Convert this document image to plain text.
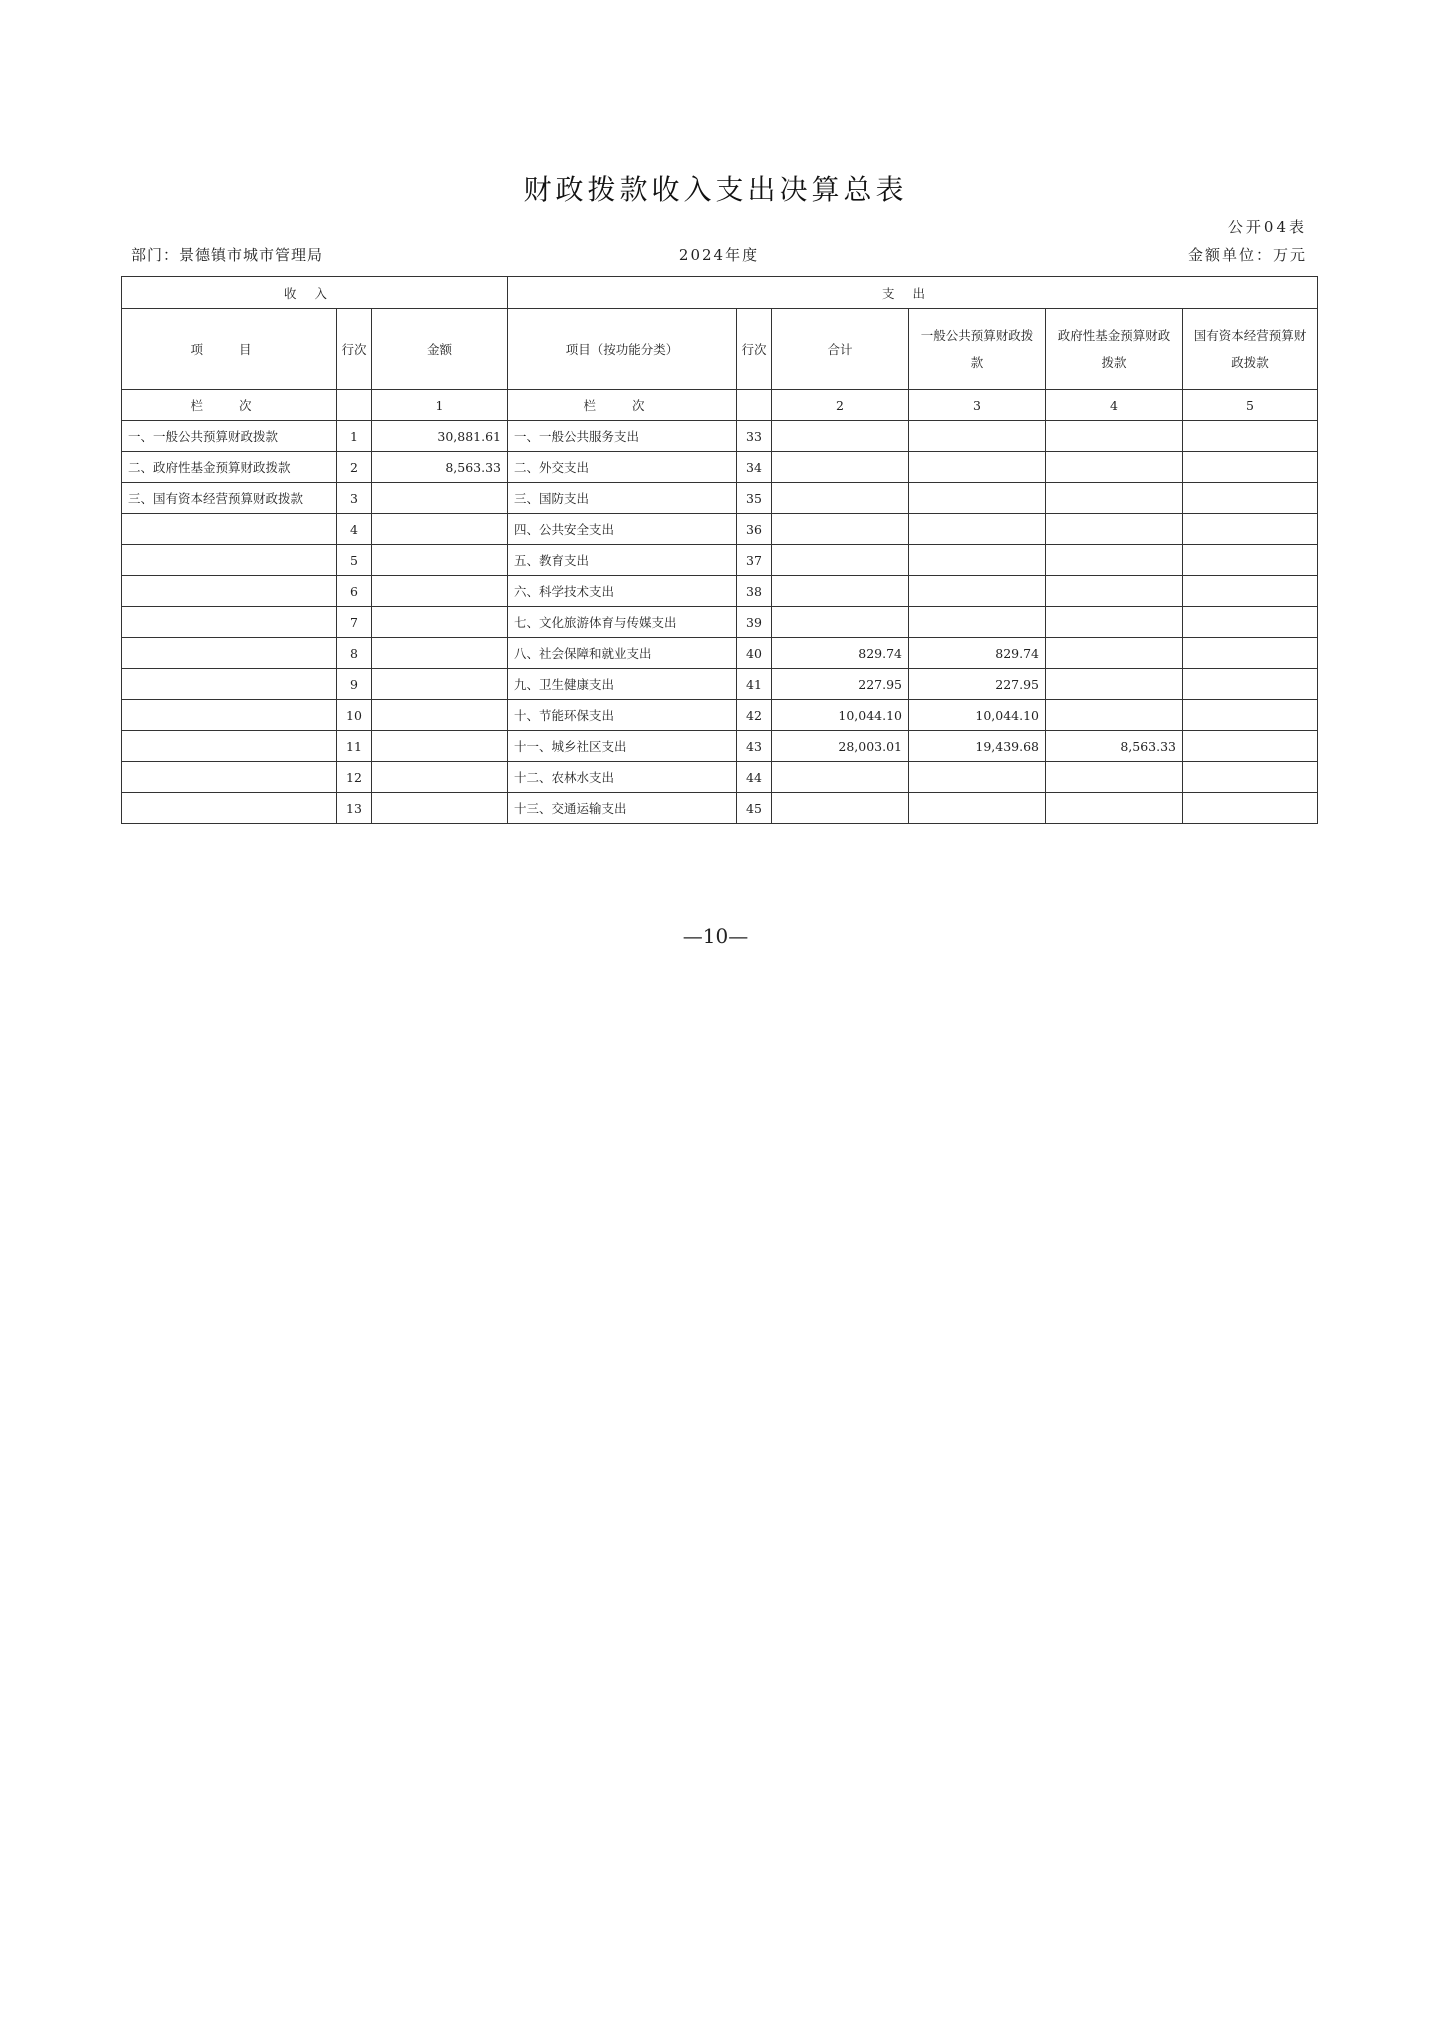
财政拨款收入支出决算总表
公开04表
部门：景德镇市城市管理局	2024年度	金额单位：万元
收入			支出					
项 目	行次	金额	项目（按功能分类）	行次	合计	一般公共预算财政拨款	政府性基金预算财政拨款	国有资本经营预算财政拨款
栏 次		1	栏 次		2	3	4	5
一、一般公共预算财政拨款	1	30,881.61	一、一般公共服务支出	33				
二、政府性基金预算财政拨款	2	8,563.33	二、外交支出	34				
三、国有资本经营预算财政拨款	3		三、国防支出	35				
	4		四、公共安全支出	36				
	5		五、教育支出	37				
	6		六、科学技术支出	38				
	7		七、文化旅游体育与传媒支出	39				
	8		八、社会保障和就业支出	40	829.74	829.74		
	9		九、卫生健康支出	41	227.95	227.95		
	10		十、节能环保支出	42	10,044.10	10,044.10		
	11		十一、城乡社区支出	43	28,003.01	19,439.68	8,563.33	
	12		十二、农林水支出	44				
	13		十三、交通运输支出	45				
—10—
